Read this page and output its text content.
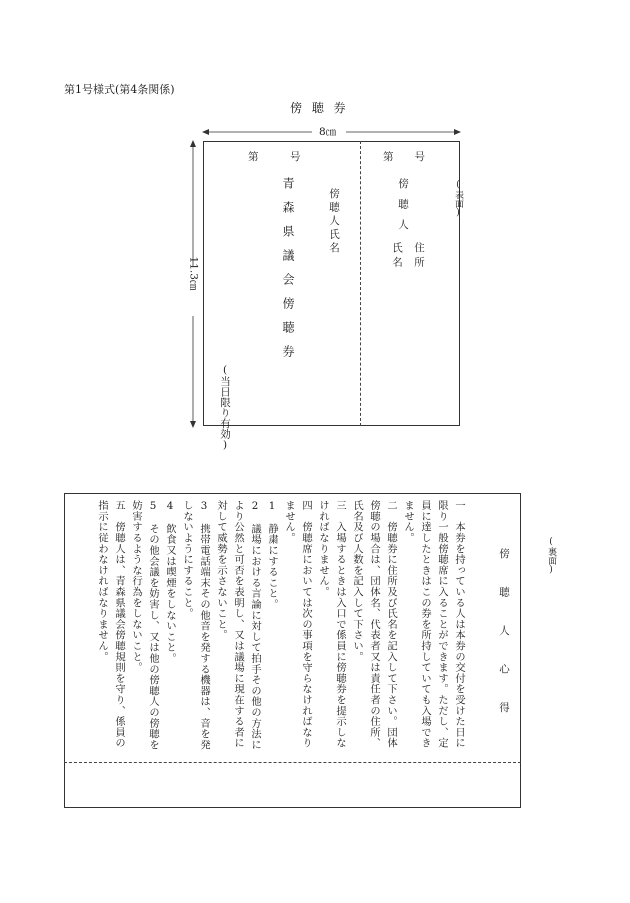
第1号様式(第4条関係)
傍 聴 券
8㎝
11.3㎝
第　　　号	第　　号
青森県議会傍聴券	傍聴人氏名
(当日限り有効)
傍聴人
住所
氏名
(表面)
(裏面)
傍 聴 人 心 得
一　本券を持っている人は本券の交付を受けた日に限り一般傍聴席に入ることができます。ただし、定員に達したときはこの券を所持していても入場できません。
二　傍聴券に住所及び氏名を記入して下さい。団体傍聴の場合は、団体名、代表者又は責任者の住所、氏名及び人数を記入して下さい。
三　入場するときは入口で係員に傍聴券を提示しなければなりません。
四　傍聴席においては次の事項を守らなければなりません。
1　静粛にすること。
2　議場における言論に対して拍手その他の方法により公然と可否を表明し、又は議場に現在する者に対して威勢を示さないこと。
3　携帯電話端末その他音を発する機器は、音を発しないようにすること。
4　飲食又は喫煙をしないこと。
5　その他会議を妨害し、又は他の傍聴人の傍聴を妨害するような行為をしないこと。
五　傍聴人は、青森県議会傍聴規則を守り、係員の指示に従わなければなりません。
